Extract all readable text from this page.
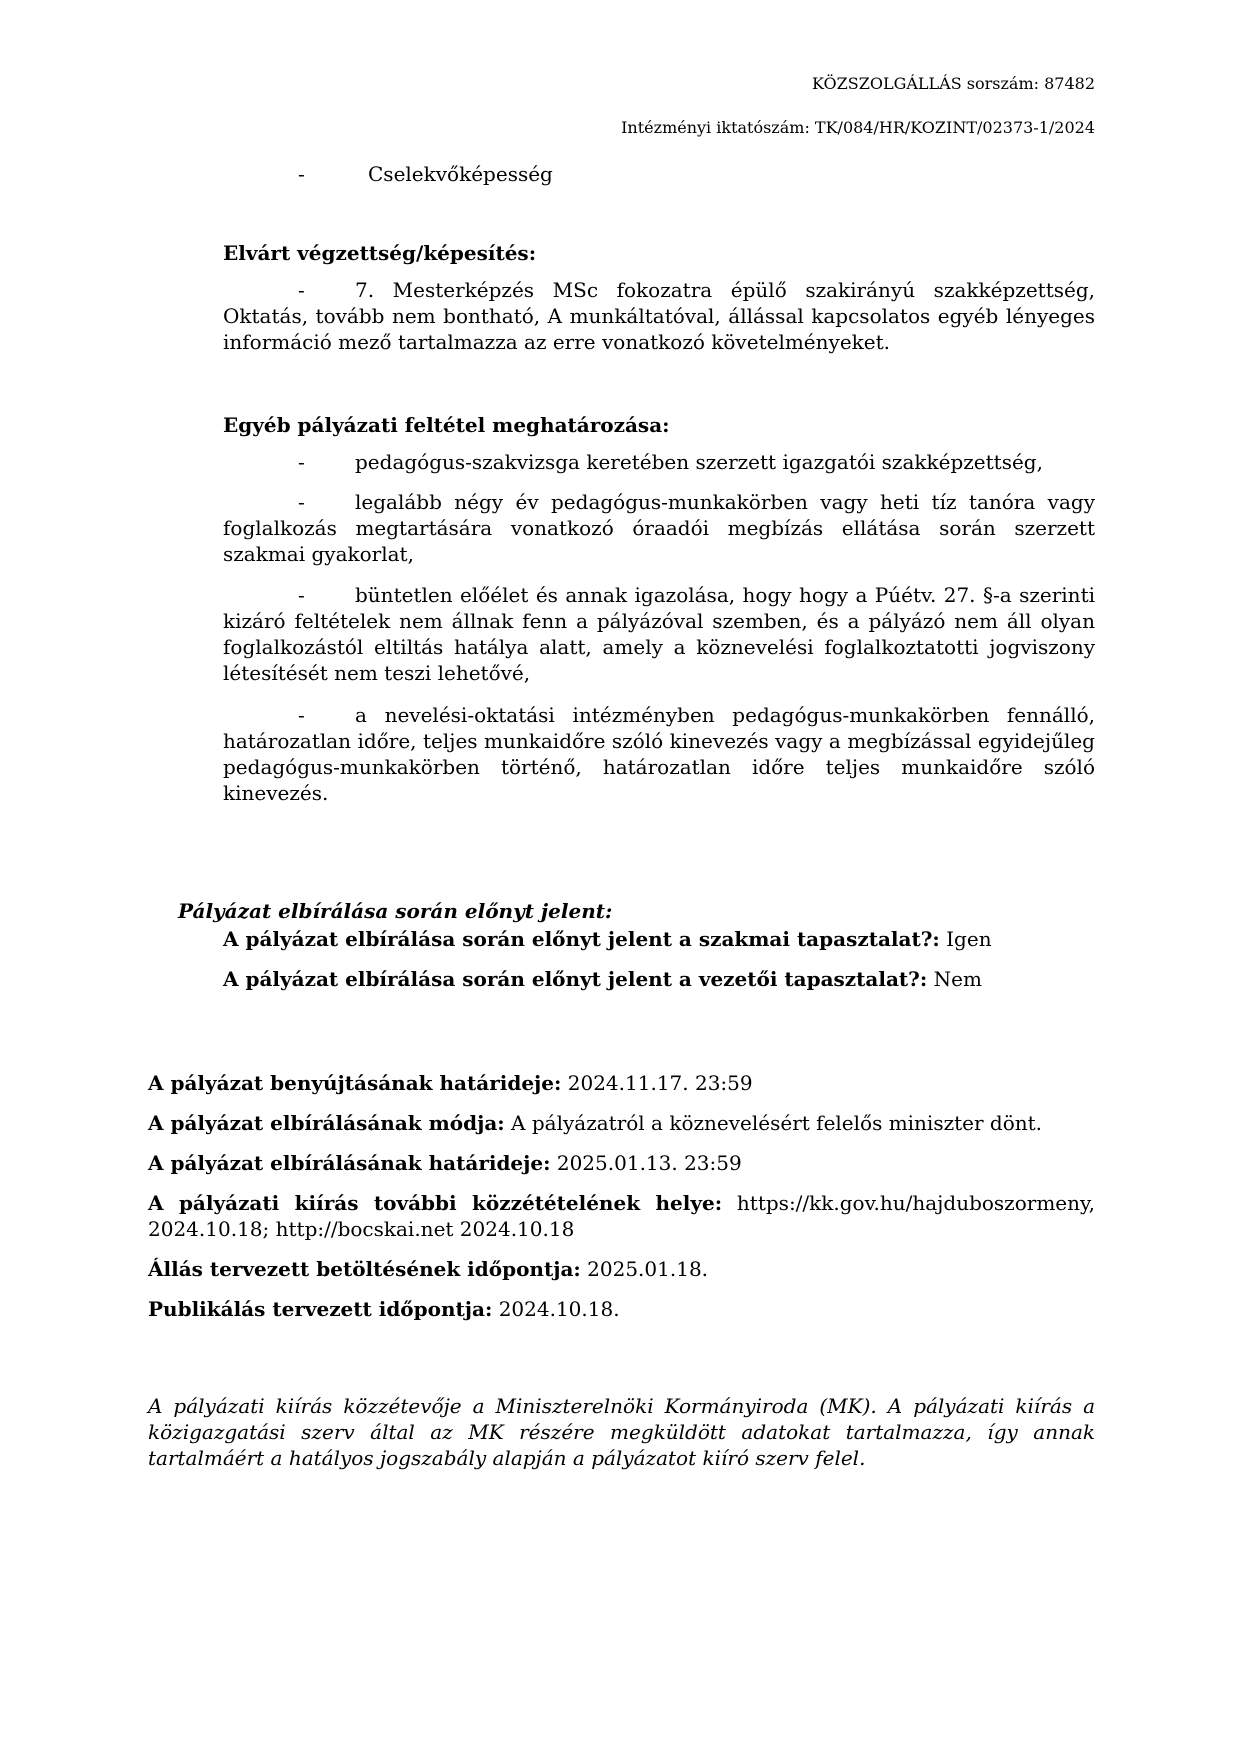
KÖZSZOLGÁLLÁS sorszám: 87482
Intézményi iktatószám: TK/084/HR/KOZINT/02373-1/2024
-	Cselekvőképesség
Elvárt végzettség/képesítés:
-	7. Mesterképzés MSc fokozatra épülő szakirányú szakképzettség, Oktatás, tovább nem bontható, A munkáltatóval, állással kapcsolatos egyéb lényeges információ mező tartalmazza az erre vonatkozó követelményeket.
Egyéb pályázati feltétel meghatározása:
-	pedagógus-szakvizsga keretében szerzett igazgatói szakképzettség,
-	legalább négy év pedagógus-munkakörben vagy heti tíz tanóra vagy foglalkozás megtartására vonatkozó óraadói megbízás ellátása során szerzett szakmai gyakorlat,
-	büntetlen előélet és annak igazolása, hogy hogy a Púétv. 27. §-a szerinti kizáró feltételek nem állnak fenn a pályázóval szemben, és a pályázó nem áll olyan foglalkozástól eltiltás hatálya alatt, amely a köznevelési foglalkoztatotti jogviszony létesítését nem teszi lehetővé,
-	a nevelési-oktatási intézményben pedagógus-munkakörben fennálló, határozatlan időre, teljes munkaidőre szóló kinevezés vagy a megbízással egyidejűleg pedagógus-munkakörben történő, határozatlan időre teljes munkaidőre szóló kinevezés.
Pályázat elbírálása során előnyt jelent:
A pályázat elbírálása során előnyt jelent a szakmai tapasztalat?: Igen
A pályázat elbírálása során előnyt jelent a vezetői tapasztalat?: Nem
A pályázat benyújtásának határideje: 2024.11.17. 23:59
A pályázat elbírálásának módja: A pályázatról a köznevelésért felelős miniszter dönt.
A pályázat elbírálásának határideje: 2025.01.13. 23:59
A pályázati kiírás további közzétételének helye: https://kk.gov.hu/hajduboszormeny, 2024.10.18; http://bocskai.net 2024.10.18
Állás tervezett betöltésének időpontja: 2025.01.18.
Publikálás tervezett időpontja: 2024.10.18.
A pályázati kiírás közzétevője a Miniszterelnöki Kormányiroda (MK). A pályázati kiírás a közigazgatási szerv által az MK részére megküldött adatokat tartalmazza, így annak tartalmáért a hatályos jogszabály alapján a pályázatot kiíró szerv felel.
